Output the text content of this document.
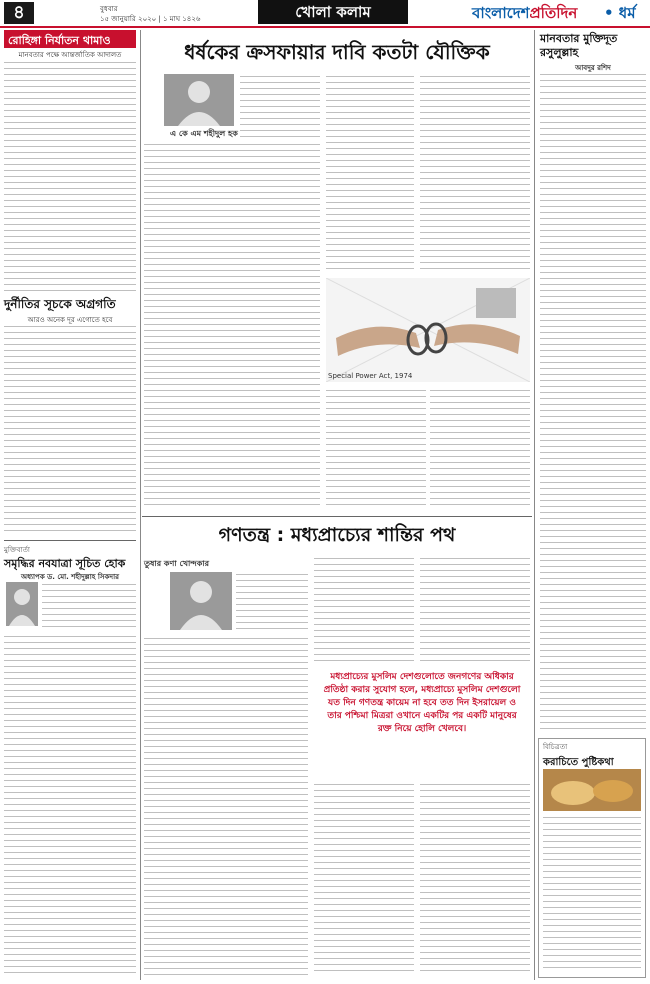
৪	বুধবার
১৫ জানুয়ারি ২০২০ | ১ মাঘ ১৪২৬	খোলা কলাম	বাংলাদেশপ্রতিদিন • ধর্ম
রোহিঙ্গা নির্যাতন থামাও
মানবতার পক্ষে আন্তর্জাতিক আদালত
দুর্নীতির সূচকে অগ্রগতি
আরও অনেক দূর এগোতে হবে
মুক্তিবার্তা
সমৃদ্ধির নবযাত্রা সূচিত হোক
অধ্যাপক ড. মো. শহীদুল্লাহ সিকদার
ধর্ষকের ক্রসফায়ার দাবি কতটা যৌক্তিক
এ কে এম শহীদুল হক
Special Power Act, 1974
মানবতার মুক্তিদূত রসুলুল্লাহ
আবদুর রশিদ
গণতন্ত্র : মধ্যপ্রাচ্যের শান্তির পথ
তুষার কণা খোন্দকার
মধ্যপ্রাচ্যের মুসলিম দেশগুলোতে জনগণের অধিকার প্রতিষ্ঠা করার সুযোগ হলে, মধ্যপ্রাচ্যে মুসলিম দেশগুলো যত দিন গণতন্ত্র কায়েম না হবে তত দিন ইসরায়েল ও তার পশ্চিমা মিত্ররা ওখানে একটির পর একটি মানুষের রক্ত নিয়ে হোলি খেলবে।
বিচিত্রতা
করাচিতে পুষ্টিকথা
